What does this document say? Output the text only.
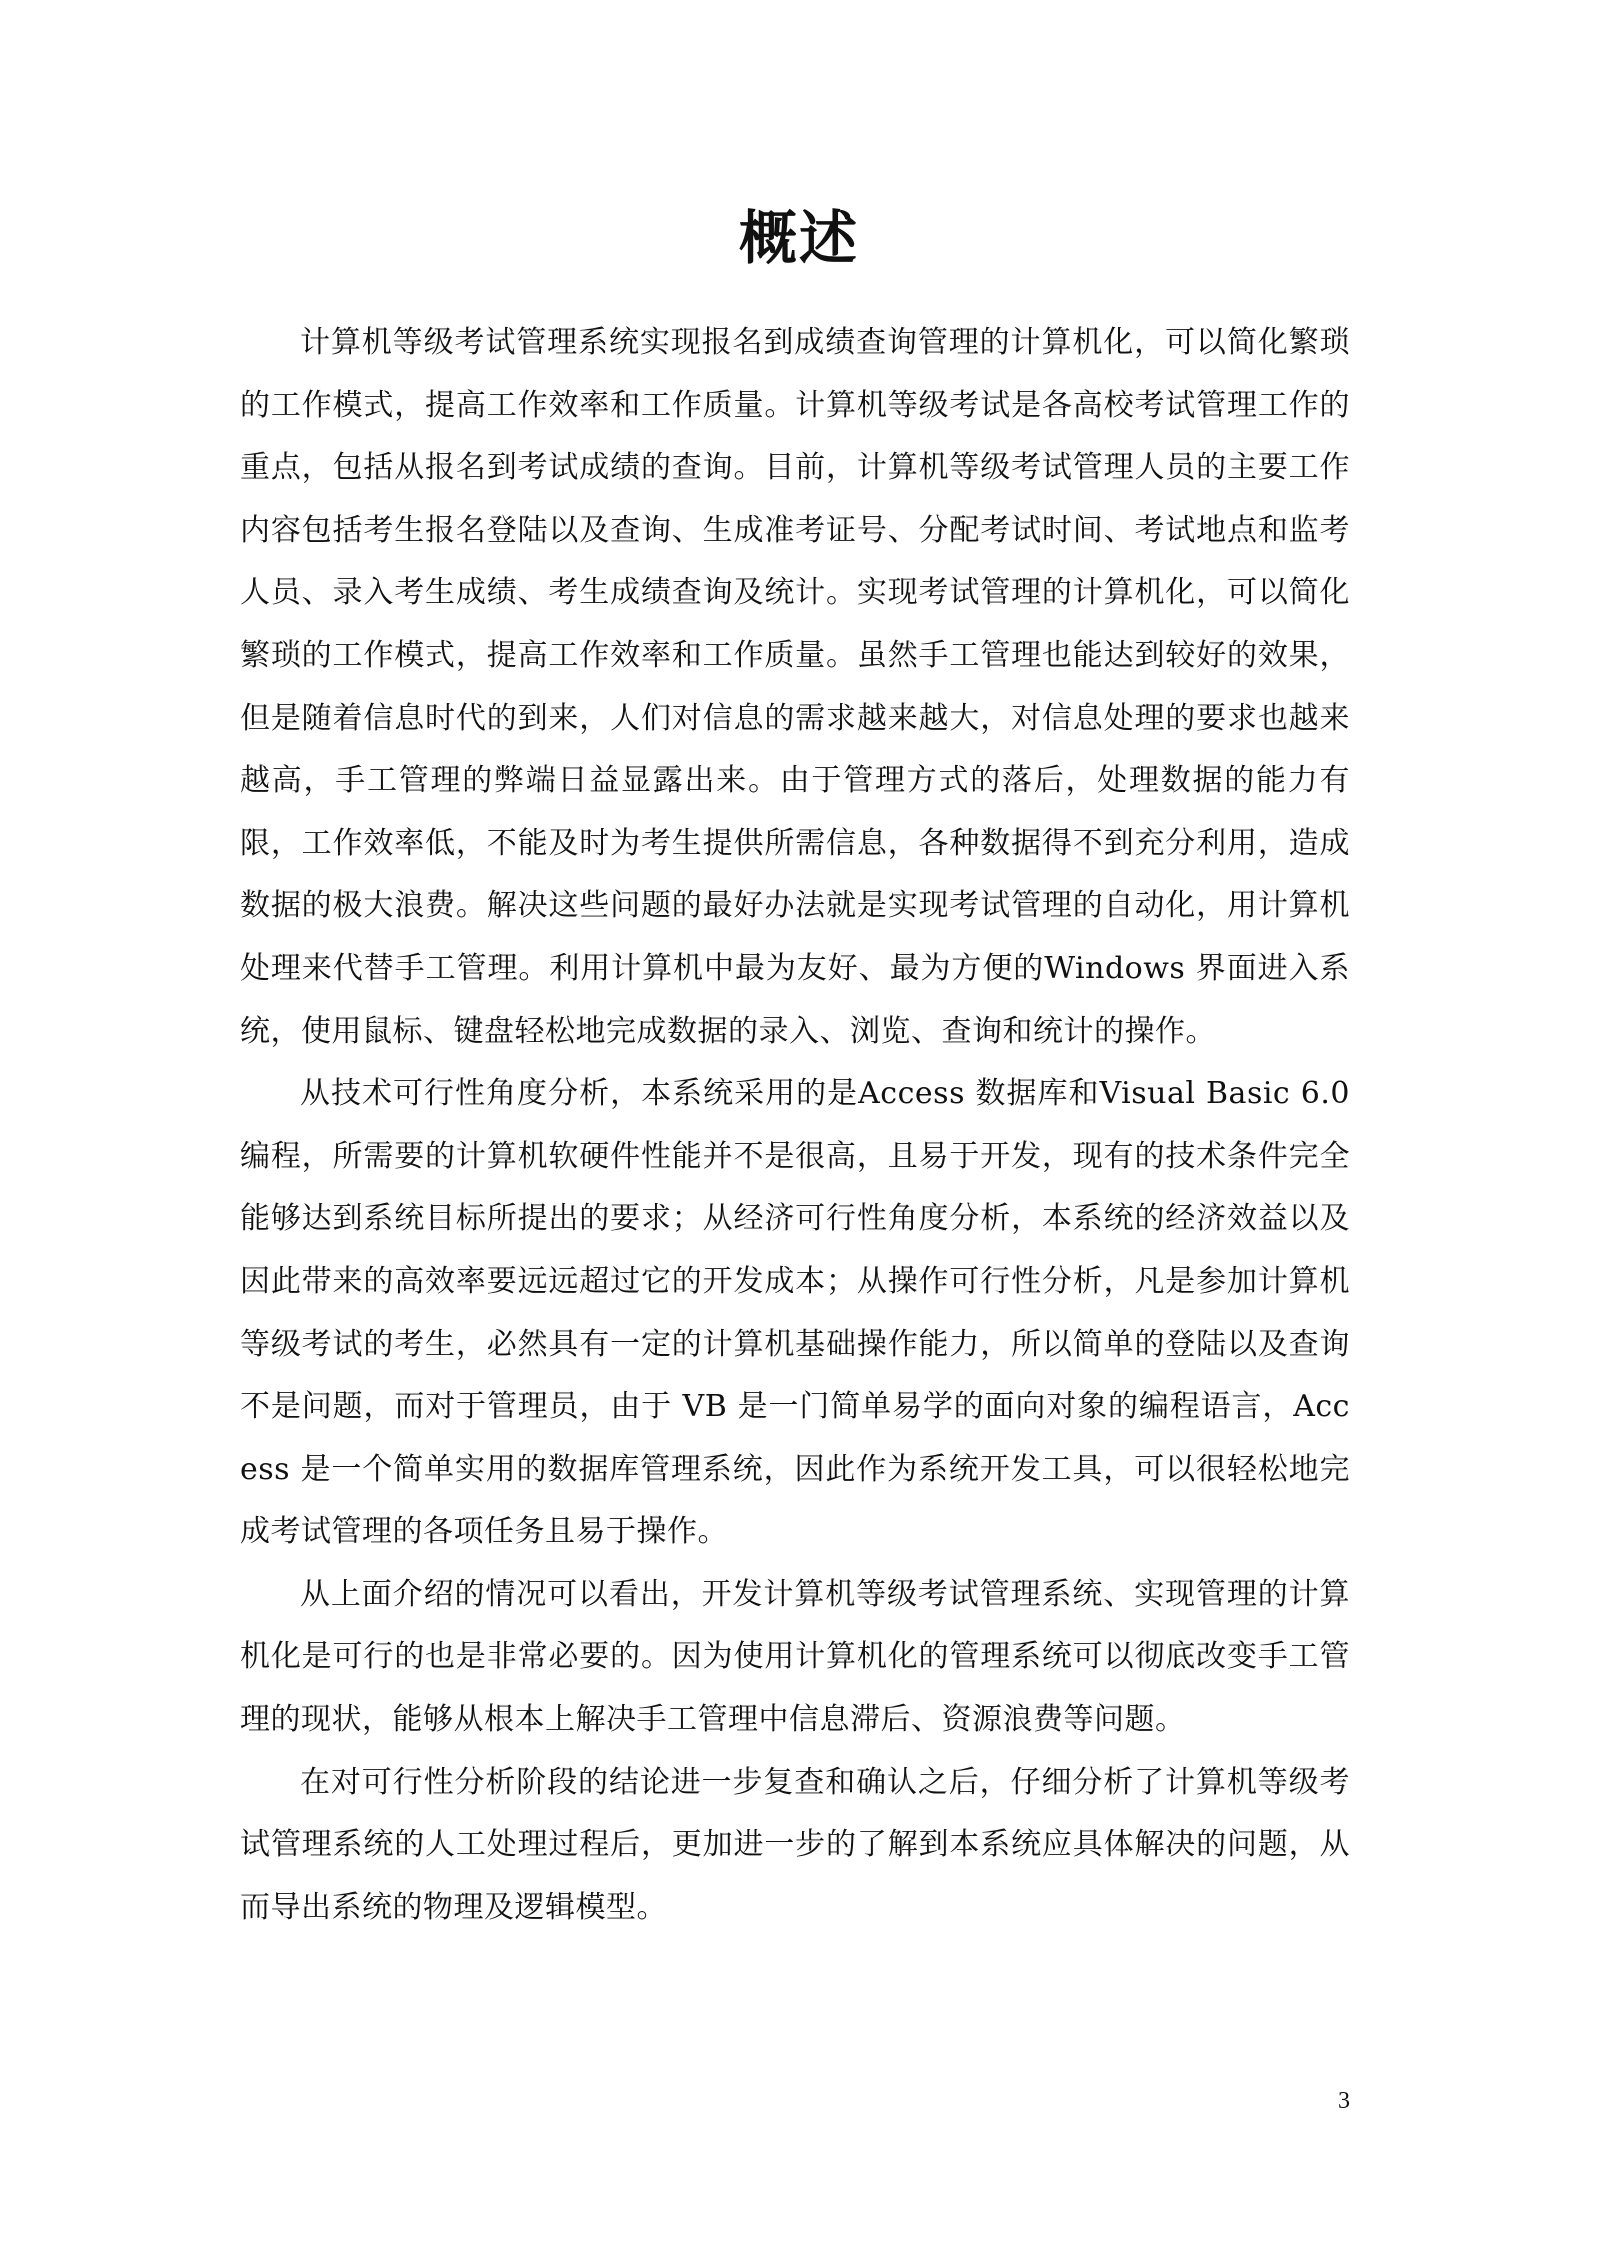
概述

计算机等级考试管理系统实现报名到成绩查询管理的计算机化，可以简化繁琐的工作模式，提高工作效率和工作质量。计算机等级考试是各高校考试管理工作的重点，包括从报名到考试成绩的查询。目前，计算机等级考试管理人员的主要工作内容包括考生报名登陆以及查询、生成准考证号、分配考试时间、考试地点和监考人员、录入考生成绩、考生成绩查询及统计。实现考试管理的计算机化，可以简化繁琐的工作模式，提高工作效率和工作质量。虽然手工管理也能达到较好的效果，但是随着信息时代的到来，人们对信息的需求越来越大，对信息处理的要求也越来越高，手工管理的弊端日益显露出来。由于管理方式的落后，处理数据的能力有限，工作效率低，不能及时为考生提供所需信息，各种数据得不到充分利用，造成数据的极大浪费。解决这些问题的最好办法就是实现考试管理的自动化，用计算机处理来代替手工管理。利用计算机中最为友好、最为方便的Windows 界面进入系统，使用鼠标、键盘轻松地完成数据的录入、浏览、查询和统计的操作。

从技术可行性角度分析，本系统采用的是Access 数据库和Visual Basic 6.0编程，所需要的计算机软硬件性能并不是很高，且易于开发，现有的技术条件完全能够达到系统目标所提出的要求；从经济可行性角度分析，本系统的经济效益以及因此带来的高效率要远远超过它的开发成本；从操作可行性分析，凡是参加计算机等级考试的考生，必然具有一定的计算机基础操作能力，所以简单的登陆以及查询不是问题，而对于管理员，由于 VB 是一门简单易学的面向对象的编程语言，Access 是一个简单实用的数据库管理系统，因此作为系统开发工具，可以很轻松地完成考试管理的各项任务且易于操作。

从上面介绍的情况可以看出，开发计算机等级考试管理系统、实现管理的计算机化是可行的也是非常必要的。因为使用计算机化的管理系统可以彻底改变手工管理的现状，能够从根本上解决手工管理中信息滞后、资源浪费等问题。

在对可行性分析阶段的结论进一步复查和确认之后，仔细分析了计算机等级考试管理系统的人工处理过程后，更加进一步的了解到本系统应具体解决的问题，从而导出系统的物理及逻辑模型。

3
